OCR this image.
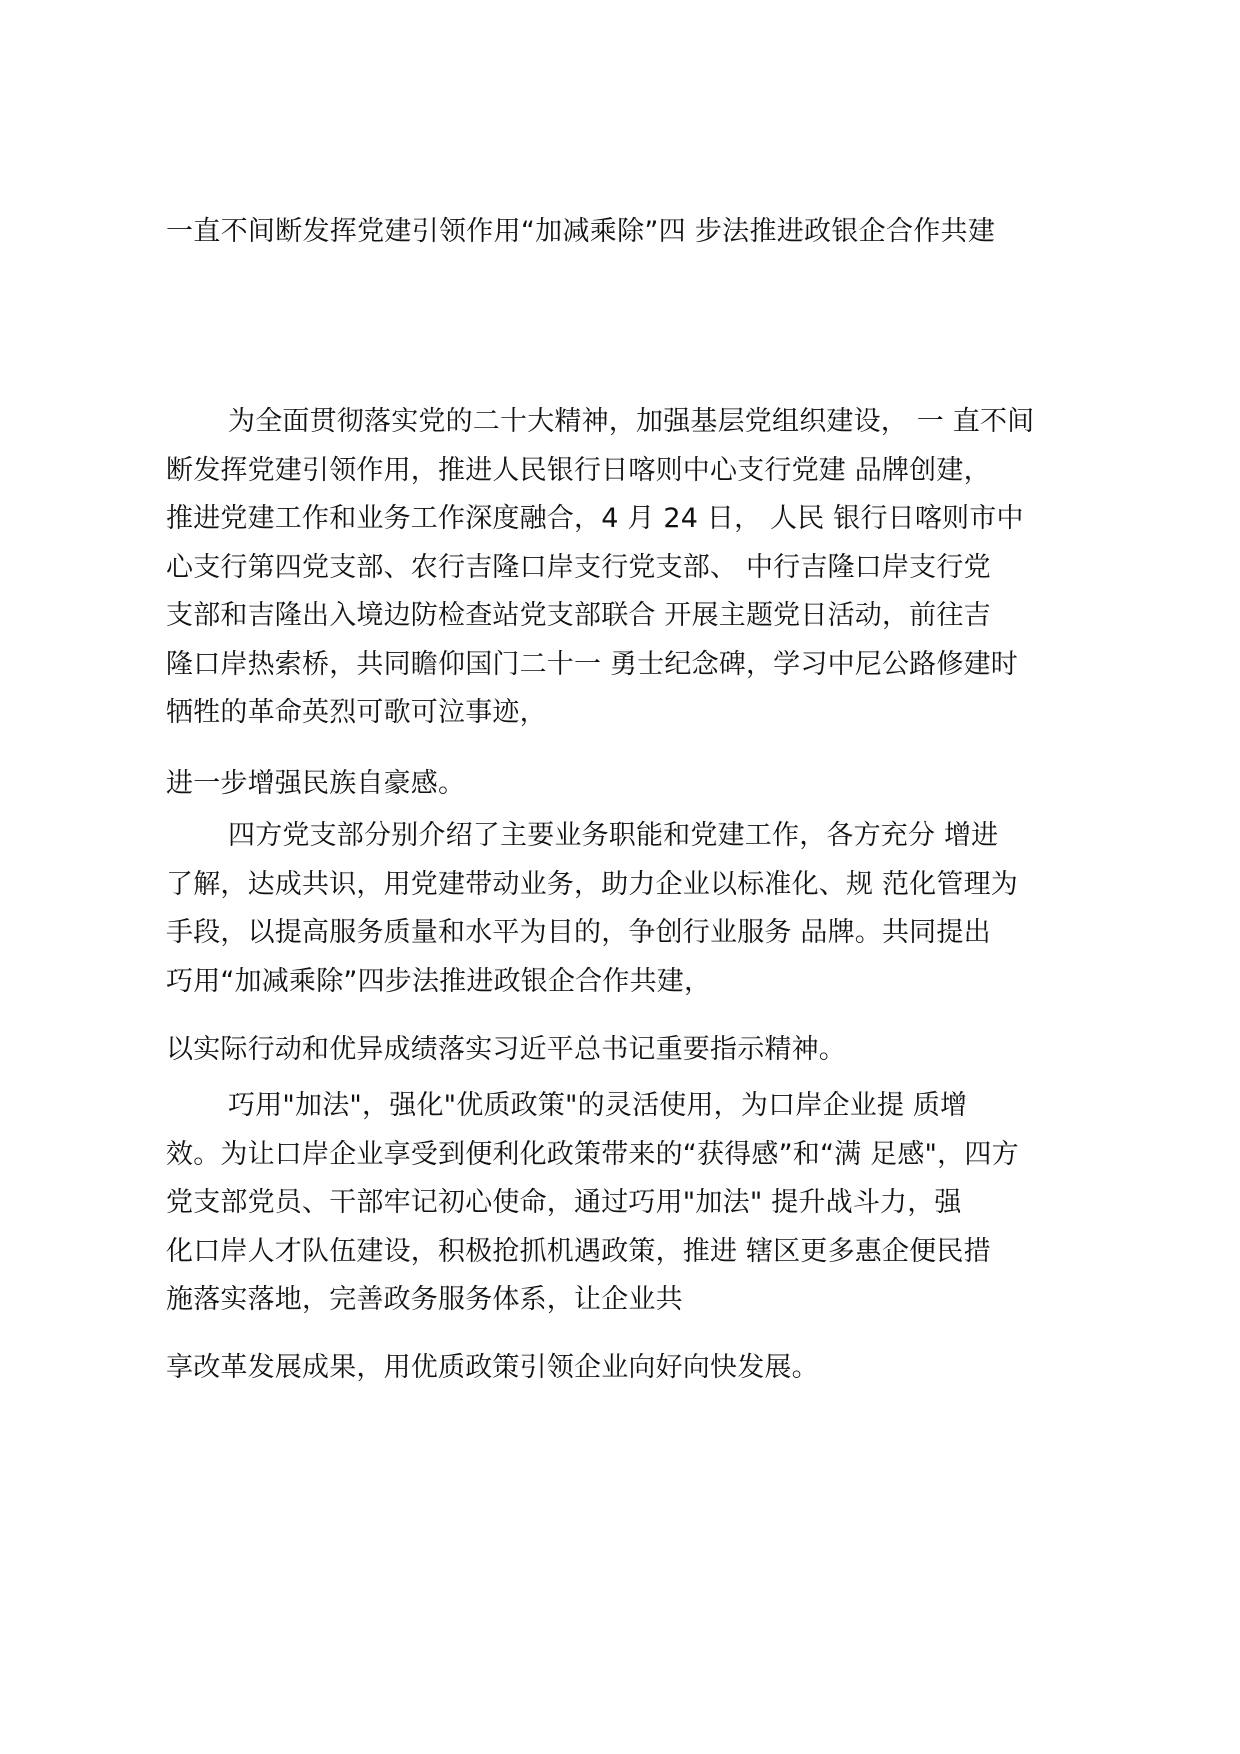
一直不间断发挥党建引领作用“加减乘除”四 步法推进政银企合作共建
为全面贯彻落实党的二十大精神，加强基层党组织建设， 一 直不间
断发挥党建引领作用，推进人民银行日喀则中心支行党建 品牌创建，
推进党建工作和业务工作深度融合，4 月 24 日， 人民 银行日喀则市中
心支行第四党支部、农行吉隆口岸支行党支部、 中行吉隆口岸支行党
支部和吉隆出入境边防检查站党支部联合 开展主题党日活动，前往吉
隆口岸热索桥，共同瞻仰国门二十一 勇士纪念碑，学习中尼公路修建时
牺牲的革命英烈可歌可泣事迹，
进一步增强民族自豪感。
四方党支部分别介绍了主要业务职能和党建工作，各方充分 增进
了解，达成共识，用党建带动业务，助力企业以标准化、规 范化管理为
手段，以提高服务质量和水平为目的，争创行业服务 品牌。共同提出
巧用“加减乘除”四步法推进政银企合作共建，
以实际行动和优异成绩落实习近平总书记重要指示精神。
巧用"加法"，强化"优质政策"的灵活使用，为口岸企业提 质增
效。为让口岸企业享受到便利化政策带来的“获得感”和“满 足感"，四方
党支部党员、干部牢记初心使命，通过巧用"加法" 提升战斗力，强
化口岸人才队伍建设，积极抢抓机遇政策，推进 辖区更多惠企便民措
施落实落地，完善政务服务体系，让企业共
享改革发展成果，用优质政策引领企业向好向快发展。
